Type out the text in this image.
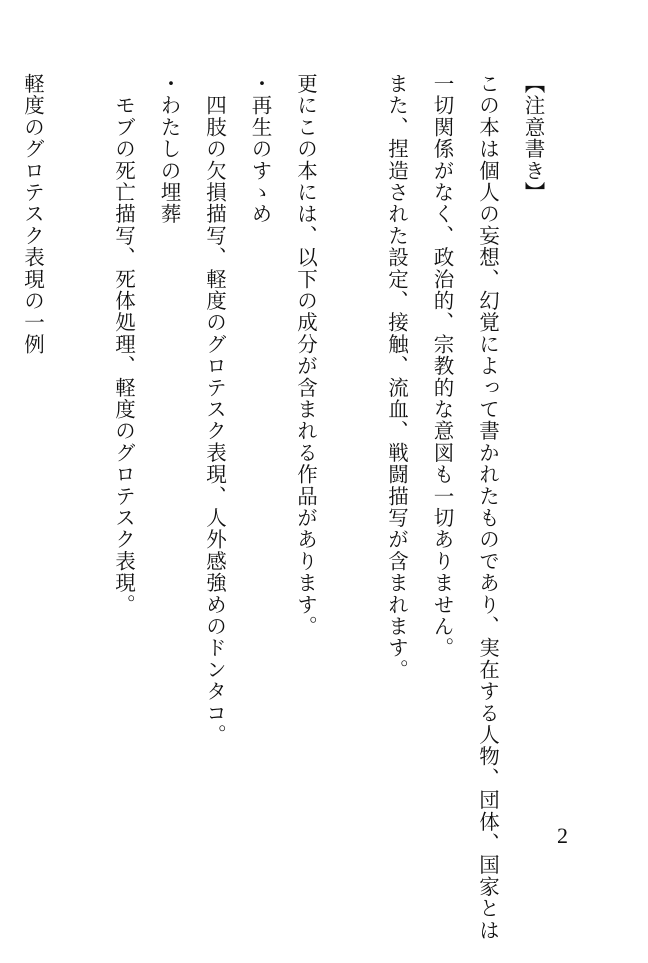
【注意書き】
この本は個人の妄想、幻覚によって書かれたものであり、実在する人物、団体、国家とは
一切関係がなく、政治的、宗教的な意図も一切ありません。
また、捏造された設定、接触、流血、戦闘描写が含まれます。
更にこの本には、以下の成分が含まれる作品があります。
・再生のすゝめ
　四肢の欠損描写、軽度のグロテスク表現、人外感強めのドンタコ。
・わたしの埋葬
　モブの死亡描写、死体処理、軽度のグロテスク表現。
軽度のグロテスク表現の一例
2
